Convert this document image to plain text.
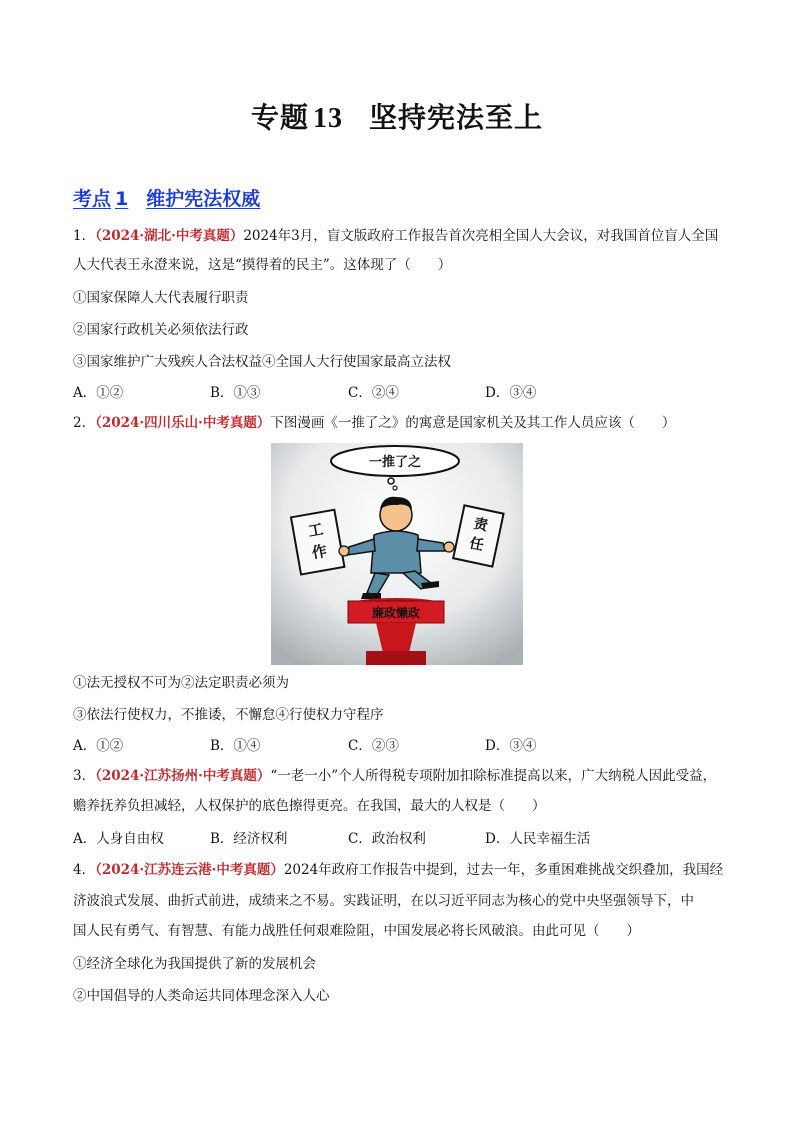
专题 13 坚持宪法至上
考点 1 维护宪法权威
1．（2024·湖北·中考真题）2024年3月，盲文版政府工作报告首次亮相全国人大会议，对我国首位盲人全国
人大代表王永澄来说，这是“摸得着的民主”。这体现了（　　）
①国家保障人大代表履行职责
②国家行政机关必须依法行政
③国家维护广大残疾人合法权益④全国人大行使国家最高立法权
A．①②	B．①③	C．②④	D．③④
2．（2024·四川乐山·中考真题）下图漫画《一推了之》的寓意是国家机关及其工作人员应该（　　）
一推了之
工
作
责
任
廉政懒政
①法无授权不可为②法定职责必须为
③依法行使权力，不推诿，不懈怠④行使权力守程序
A．①②	B．①④	C．②③	D．③④
3．（2024·江苏扬州·中考真题）“一老一小”个人所得税专项附加扣除标准提高以来，广大纳税人因此受益，
赡养抚养负担减轻，人权保护的底色擦得更亮。在我国，最大的人权是（　　）
A．人身自由权	B．经济权利	C．政治权利	D．人民幸福生活
4．（2024·江苏连云港·中考真题）2024年政府工作报告中提到，过去一年，多重困难挑战交织叠加，我国经
济波浪式发展、曲折式前进，成绩来之不易。实践证明，在以习近平同志为核心的党中央坚强领导下，中
国人民有勇气、有智慧、有能力战胜任何艰难险阻，中国发展必将长风破浪。由此可见（　　）
①经济全球化为我国提供了新的发展机会
②中国倡导的人类命运共同体理念深入人心
